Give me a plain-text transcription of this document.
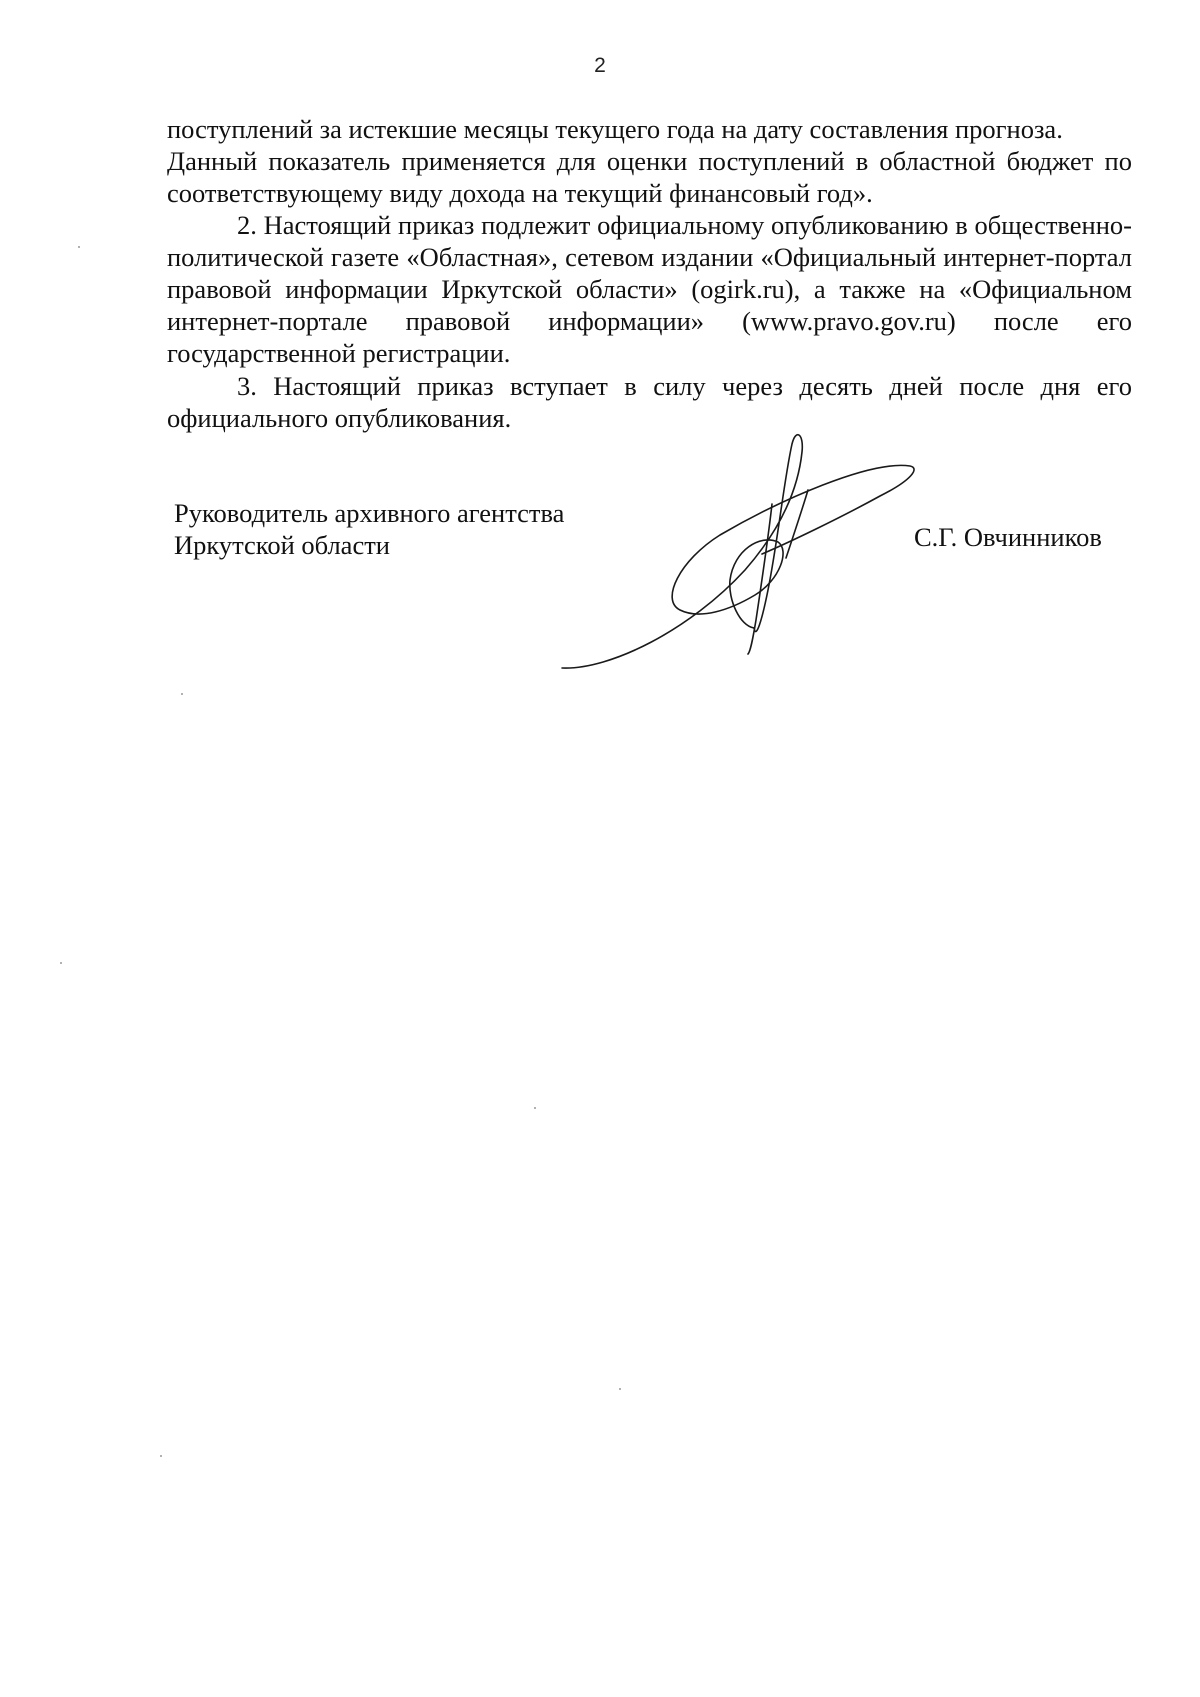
2

поступлений за истекшие месяцы текущего года на дату составления прогноза.

Данный показатель применяется для оценки поступлений в областной бюджет по соответствующему виду дохода на текущий финансовый год».

2. Настоящий приказ подлежит официальному опубликованию в общественно-политической газете «Областная», сетевом издании «Официальный интернет-портал правовой информации Иркутской области» (ogirk.ru), а также на «Официальном интернет-портале правовой информации» (www.pravo.gov.ru) после его государственной регистрации.

3. Настоящий приказ вступает в силу через десять дней после дня его официального опубликования.

Руководитель архивного агентства
Иркутской области	С.Г. Овчинников
